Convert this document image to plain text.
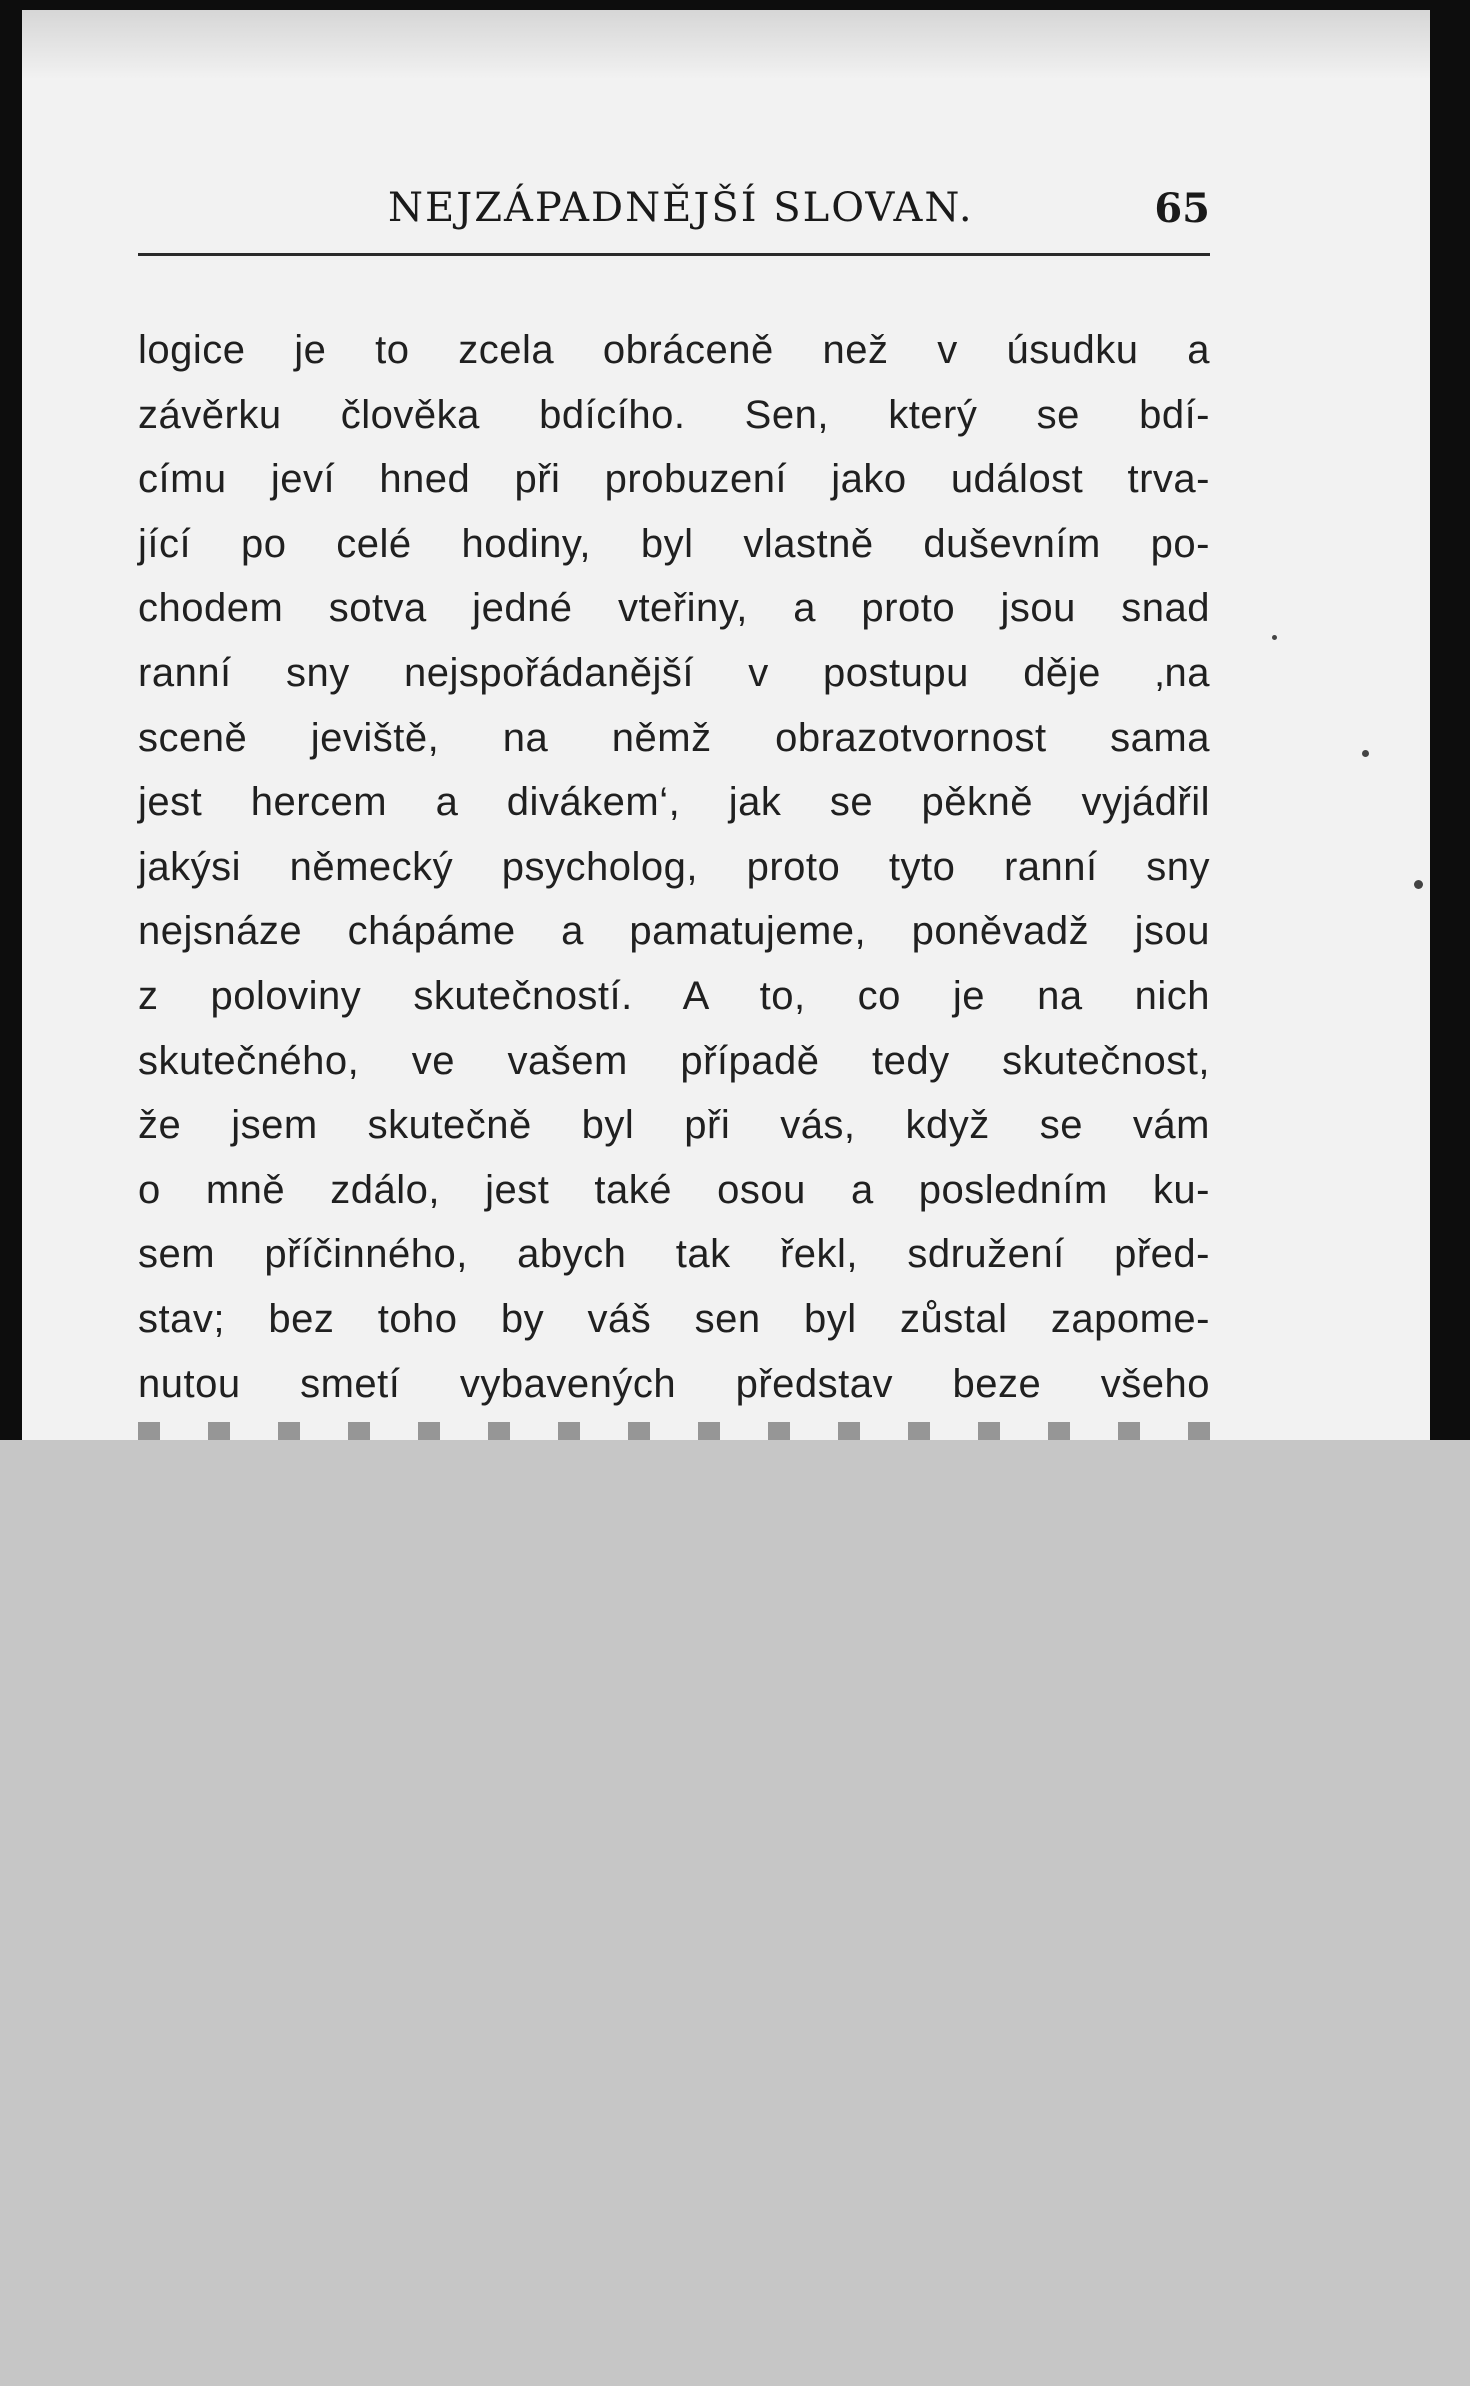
NEJZÁPADNĚJŠÍ SLOVAN.	65
logice je to zcela obráceně než v úsudku a
závěrku člověka bdícího. Sen, který se bdí-
címu jeví hned při probuzení jako událost trva-
jící po celé hodiny, byl vlastně duševním po-
chodem sotva jedné vteřiny, a proto jsou snad
ranní sny nejspořádanější v postupu děje ‚na
sceně jeviště, na němž obrazotvornost sama
jest hercem a divákem‘, jak se pěkně vyjádřil
jakýsi německý psycholog, proto tyto ranní sny
nejsnáze chápáme a pamatujeme, poněvadž jsou
z poloviny skutečností. A to, co je na nich
skutečného, ve vašem případě tedy skutečnost,
že jsem skutečně byl při vás, když se vám
o mně zdálo, jest také osou a posledním ku-
sem příčinného, abych tak řekl, sdružení před-
stav; bez toho by váš sen byl zůstal zapome-
nutou smetí vybavených představ beze všeho
